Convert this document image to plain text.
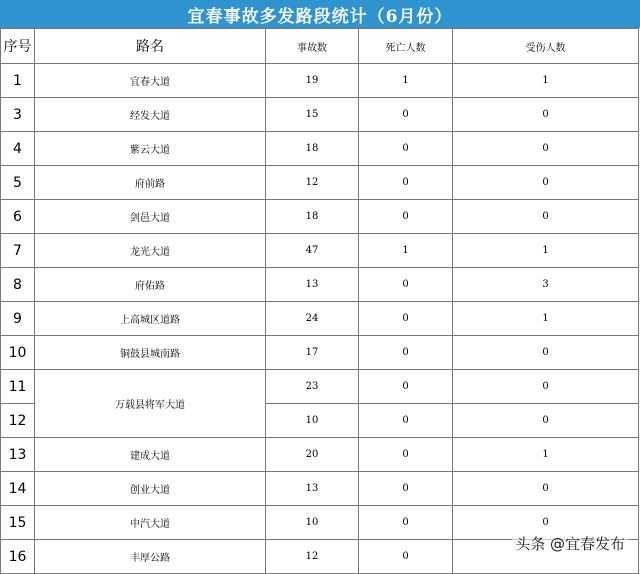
宜春事故多发路段统计（6月份）
序号	路名	事故数	死亡人数	受伤人数
1	宜春大道	19	1	1
3	经发大道	15	0	0
4	紫云大道	18	0	0
5	府前路	12	0	0
6	剑邑大道	18	0	0
7	龙光大道	47	1	1
8	府佑路	13	0	3
9	上高城区道路	24	0	1
10	铜鼓县城南路	17	0	0
11	万载县将军大道	23	0	0
12		10	0	0
13	建成大道	20	0	1
14	创业大道	13	0	0
15	中汽大道	10	0	0
16	丰厚公路	12	0	
头条 @宜春发布
